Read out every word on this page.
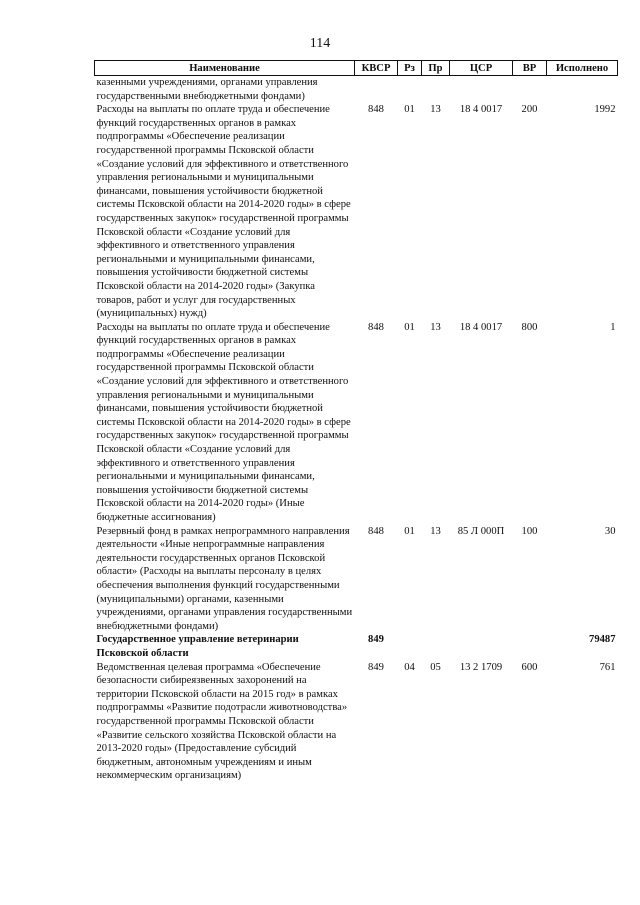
114
Наименование	КВСР	Рз	Пр	ЦСР	ВР	Исполнено
казенными учреждениями, органами управления государственными внебюджетными фондами)						
Расходы на выплаты по оплате труда и обеспечение функций государственных органов в рамках подпрограммы «Обеспечение реализации государственной программы Псковской области «Создание условий для эффективного и ответственного управления региональными и муниципальными финансами, повышения устойчивости бюджетной системы Псковской области на 2014-2020 годы» в сфере государственных закупок» государственной программы Псковской области «Создание условий для эффективного и ответственного управления региональными и муниципальными финансами, повышения устойчивости бюджетной системы Псковской области на 2014-2020 годы» (Закупка товаров, работ и услуг для государственных (муниципальных) нужд)	848	01	13	18 4 0017	200	1992
Расходы на выплаты по оплате труда и обеспечение функций государственных органов в рамках подпрограммы «Обеспечение реализации государственной программы Псковской области «Создание условий для эффективного и ответственного управления региональными и муниципальными финансами, повышения устойчивости бюджетной системы Псковской области на 2014-2020 годы» в сфере государственных закупок» государственной программы Псковской области «Создание условий для эффективного и ответственного управления региональными и муниципальными финансами, повышения устойчивости бюджетной системы Псковской области на 2014-2020 годы» (Иные бюджетные ассигнования)	848	01	13	18 4 0017	800	1
Резервный фонд в рамках непрограммного направления деятельности «Иные непрограммные направления деятельности государственных органов Псковской области» (Расходы на выплаты персоналу в целях обеспечения выполнения функций государственными (муниципальными) органами, казенными учреждениями, органами управления государственными внебюджетными фондами)	848	01	13	85 Л 000П	100	30
Государственное управление ветеринарии Псковской области	849					79487
Ведомственная целевая программа «Обеспечение безопасности сибиреязвенных захоронений на территории Псковской области на 2015 год» в рамках подпрограммы «Развитие подотрасли животноводства» государственной программы Псковской области «Развитие сельского хозяйства Псковской области на 2013-2020 годы» (Предоставление субсидий бюджетным, автономным учреждениям и иным некоммерческим организациям)	849	04	05	13 2 1709	600	761
